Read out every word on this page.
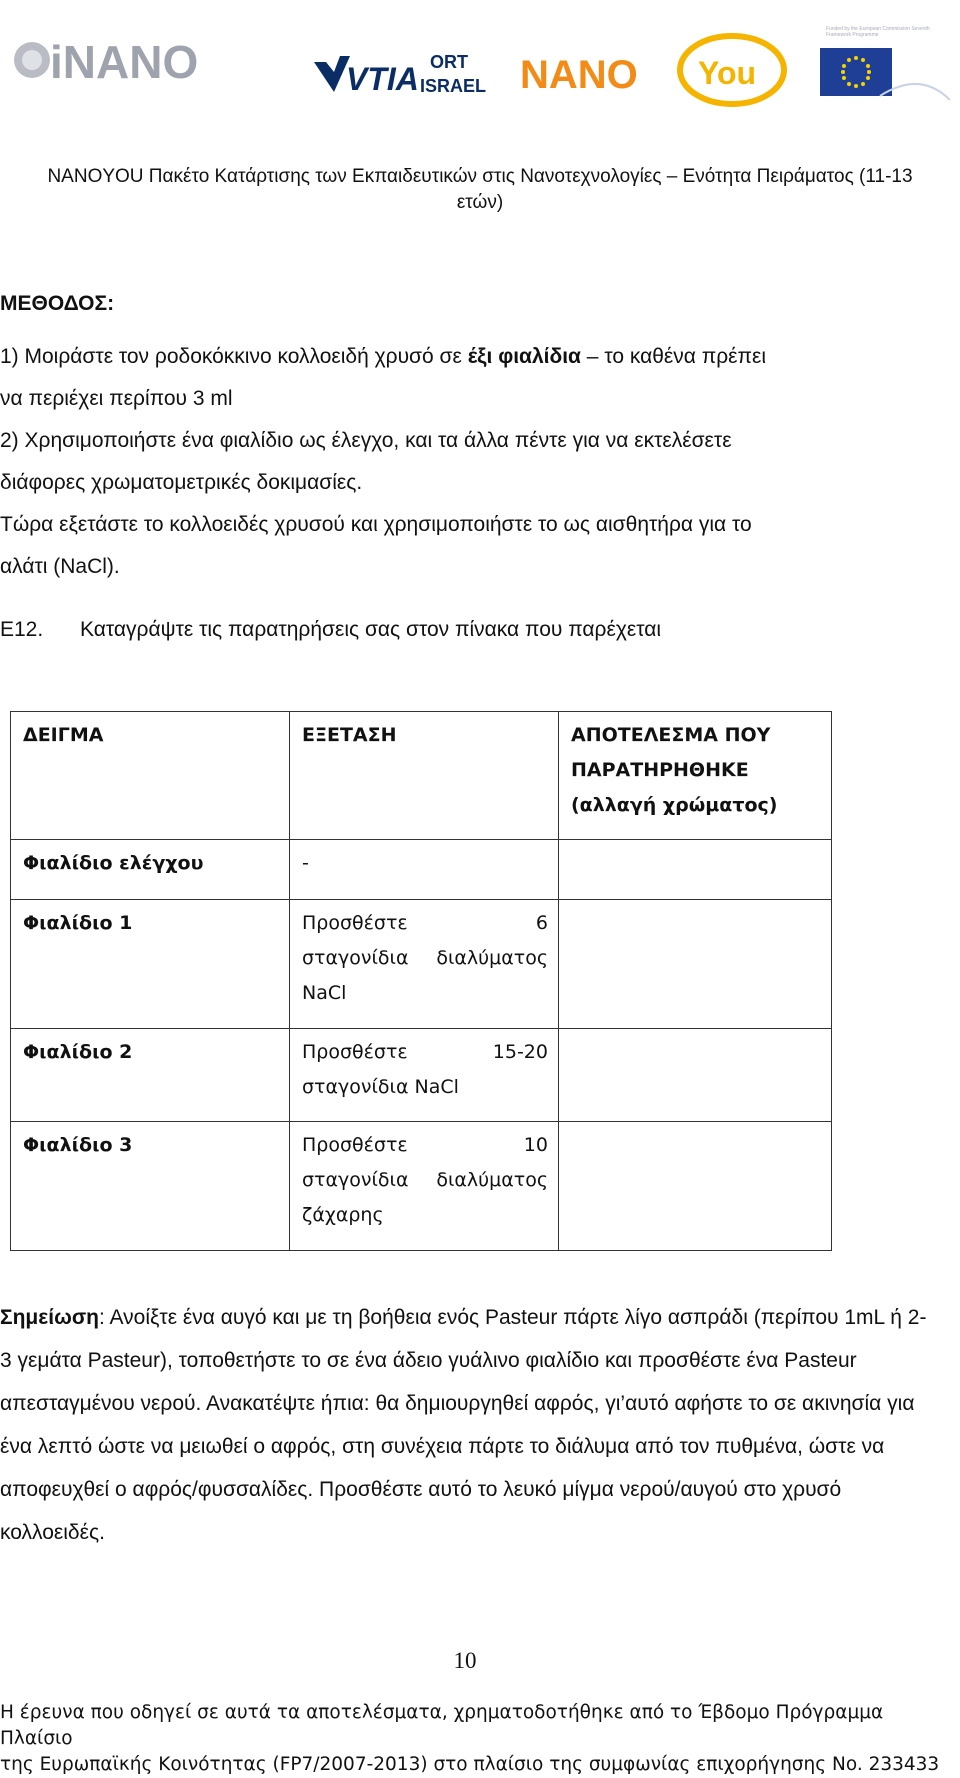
iNANO	VTIA ORT
ISRAEL NANO You
Funded by the European Commission Seventh Framework Programme
NANOYOU Πακέτο Κατάρτισης των Εκπαιδευτικών στις Νανοτεχνολογίες – Ενότητα Πειράματος (11-13
ετών)
ΜΕΘΟΔΟΣ:
1) Μοιράστε τον ροδοκόκκινο κολλοειδή χρυσό σε έξι φιαλίδια – το καθένα πρέπει
να περιέχει περίπου 3 ml
2) Χρησιμοποιήστε ένα φιαλίδιο ως έλεγχο, και τα άλλα πέντε για να εκτελέσετε
διάφορες χρωματομετρικές δοκιμασίες.
Τώρα εξετάστε το κολλοειδές χρυσού και χρησιμοποιήστε το ως αισθητήρα για το
αλάτι (NaCl).
E12. Καταγράψτε τις παρατηρήσεις σας στον πίνακα που παρέχεται
ΔΕΙΓΜΑ	ΕΞΕΤΑΣΗ	ΑΠΟΤΕΛΕΣΜΑ ΠΟΥ
ΠΑΡΑΤΗΡΗΘΗΚΕ
(αλλαγή χρώματος)

Φιαλίδιο ελέγχου	-	
Φιαλίδιο 1	Προσθέστε 6
σταγονίδια διαλύματος
NaCl	

Φιαλίδιο 2	Προσθέστε 15-20
σταγονίδια NaCl	

Φιαλίδιο 3	Προσθέστε 10
σταγονίδια διαλύματος
ζάχαρης	

Σημείωση: Ανοίξτε ένα αυγό και με τη βοήθεια ενός Pasteur πάρτε λίγο ασπράδι (περίπου 1mL ή 2-3 γεμάτα Pasteur), τοποθετήστε το σε ένα άδειο γυάλινο φιαλίδιο και προσθέστε ένα Pasteur απεσταγμένου νερού. Ανακατέψτε ήπια: θα δημιουργηθεί αφρός, γι’αυτό αφήστε το σε ακινησία για ένα λεπτό ώστε να μειωθεί ο αφρός, στη συνέχεια πάρτε το διάλυμα από τον πυθμένα, ώστε να αποφευχθεί ο αφρός/φυσσαλίδες. Προσθέστε αυτό το λευκό μίγμα νερού/αυγού στο χρυσό κολλοειδές.
10
Η έρευνα που οδηγεί σε αυτά τα αποτελέσματα, χρηματοδοτήθηκε από το Έβδομο Πρόγραμμα Πλαίσιο
της Ευρωπαϊκής Κοινότητας (FP7/2007-2013) στο πλαίσιο της συμφωνίας επιχορήγησης No. 233433
